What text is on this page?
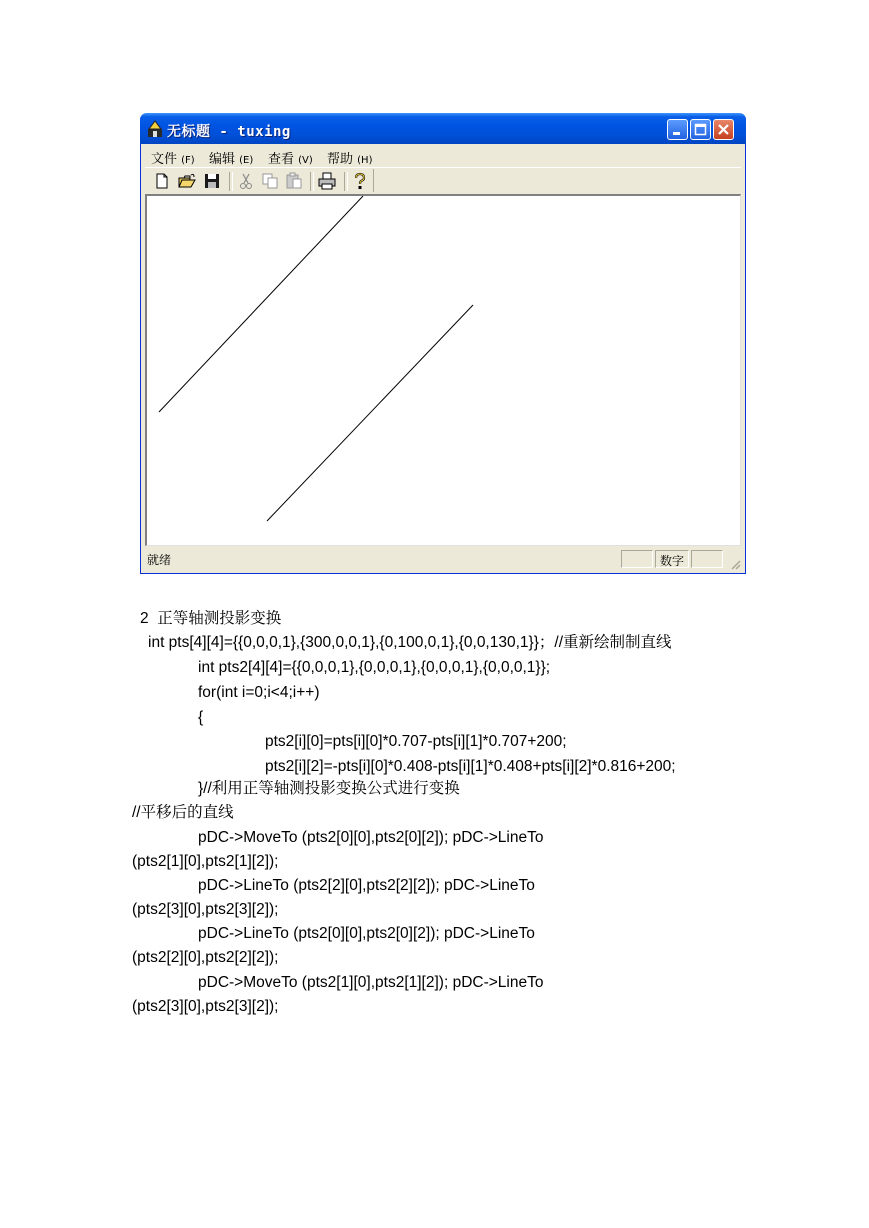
无标题 - tuxing
文件 (F) 编辑 (E) 查看 (V) 帮助 (H)
就绪	数字
2  正等轴测投影变换
int pts[4][4]={{0,0,0,1},{300,0,0,1},{0,100,0,1},{0,0,130,1}}；//重新绘制制直线
int pts2[4][4]={{0,0,0,1},{0,0,0,1},{0,0,0,1},{0,0,0,1}};
for(int i=0;i<4;i++)
{
pts2[i][0]=pts[i][0]*0.707-pts[i][1]*0.707+200;
pts2[i][2]=-pts[i][0]*0.408-pts[i][1]*0.408+pts[i][2]*0.816+200;
}//利用正等轴测投影变换公式进行变换
//平移后的直线
pDC->MoveTo (pts2[0][0],pts2[0][2]); pDC->LineTo
(pts2[1][0],pts2[1][2]);
pDC->LineTo (pts2[2][0],pts2[2][2]); pDC->LineTo
(pts2[3][0],pts2[3][2]);
pDC->LineTo (pts2[0][0],pts2[0][2]); pDC->LineTo
(pts2[2][0],pts2[2][2]);
pDC->MoveTo (pts2[1][0],pts2[1][2]); pDC->LineTo
(pts2[3][0],pts2[3][2]);
